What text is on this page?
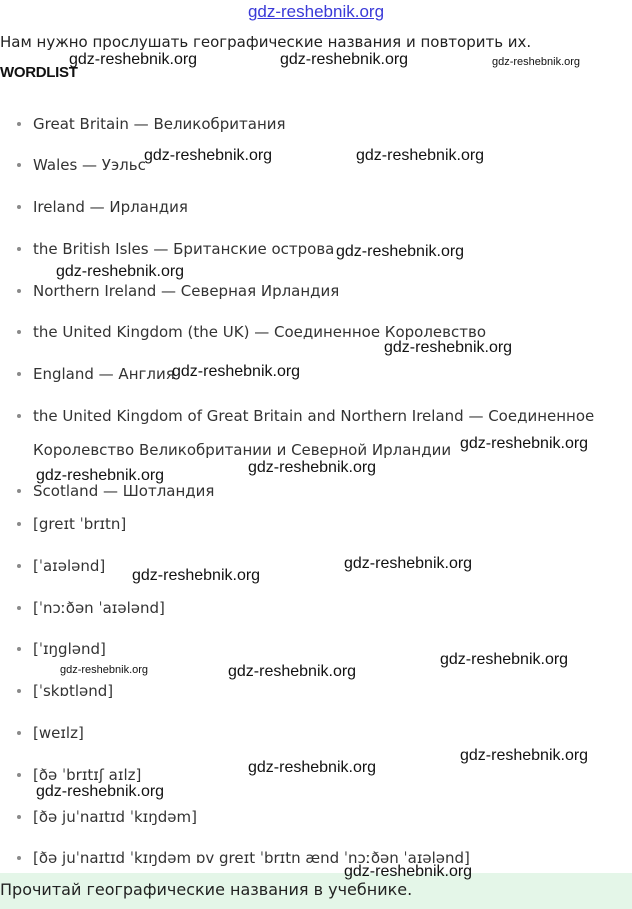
gdz-reshebnik.org
Нам нужно прослушать географические названия и повторить их.
WORDLIST
Great Britain — Великобритания
Wales — Уэльс
Ireland — Ирландия
the British Isles — Британские острова
Northern Ireland — Северная Ирландия
the United Kingdom (the UK) — Соединенное Королевство
England — Англия
the United Kingdom of Great Britain and Northern Ireland — Соединенное Королевство Великобритании и Северной Ирландии
Scotland — Шотландия
[greɪt ˈbrɪtn]
[ˈaɪələnd]
[ˈnɔːðən ˈaɪələnd]
[ˈɪŋglənd]
[ˈskɒtlənd]
[weɪlz]
[ðə ˈbrɪtɪʃ aɪlz]
[ðə juˈnaɪtɪd ˈkɪŋdəm]
[ðə juˈnaɪtɪd ˈkɪŋdəm ɒv greɪt ˈbrɪtn ænd ˈnɔːðən ˈaɪələnd]
Прочитай географические названия в учебнике.
gdz-reshebnik.org	gdz-reshebnik.org	gdz-reshebnik.org
gdz-reshebnik.org	gdz-reshebnik.org
gdz-reshebnik.org
gdz-reshebnik.org
gdz-reshebnik.org
gdz-reshebnik.org
gdz-reshebnik.org
gdz-reshebnik.org
gdz-reshebnik.org
gdz-reshebnik.org
gdz-reshebnik.org
gdz-reshebnik.org
gdz-reshebnik.org	gdz-reshebnik.org
gdz-reshebnik.org
gdz-reshebnik.org
gdz-reshebnik.org
gdz-reshebnik.org
